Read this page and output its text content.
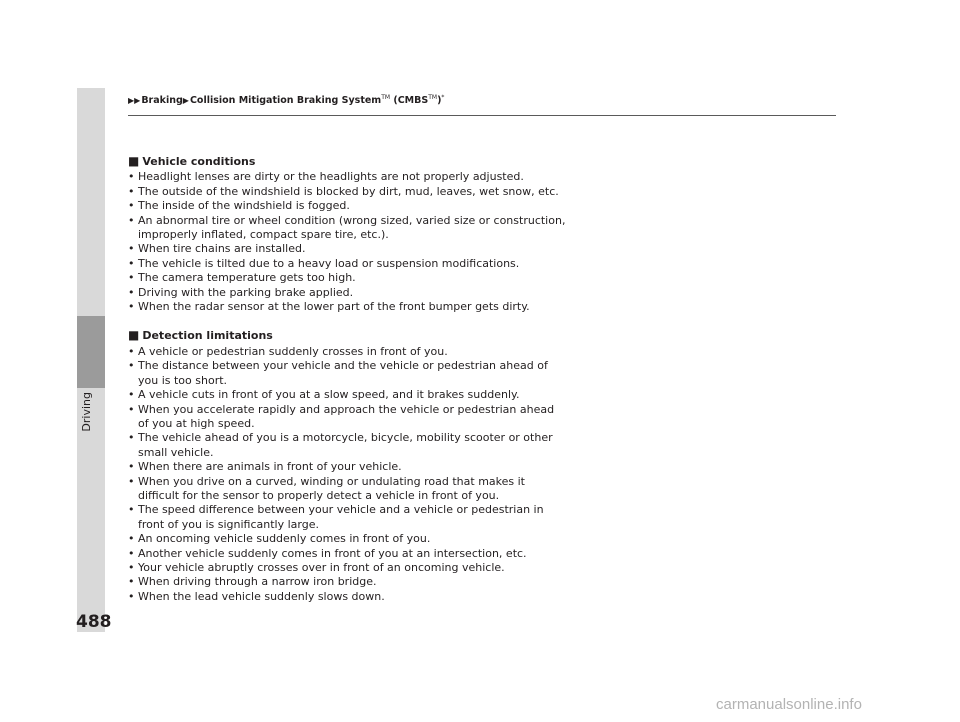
Driving
▶▶Braking▶Collision Mitigation Braking System™ (CMBS™)*
■ Vehicle conditions
• Headlight lenses are dirty or the headlights are not properly adjusted.
• The outside of the windshield is blocked by dirt, mud, leaves, wet snow, etc.
• The inside of the windshield is fogged.
• An abnormal tire or wheel condition (wrong sized, varied size or construction, improperly inflated, compact spare tire, etc.).
• When tire chains are installed.
• The vehicle is tilted due to a heavy load or suspension modifications.
• The camera temperature gets too high.
• Driving with the parking brake applied.
• When the radar sensor at the lower part of the front bumper gets dirty.
■ Detection limitations
• A vehicle or pedestrian suddenly crosses in front of you.
• The distance between your vehicle and the vehicle or pedestrian ahead of you is too short.
• A vehicle cuts in front of you at a slow speed, and it brakes suddenly.
• When you accelerate rapidly and approach the vehicle or pedestrian ahead of you at high speed.
• The vehicle ahead of you is a motorcycle, bicycle, mobility scooter or other small vehicle.
• When there are animals in front of your vehicle.
• When you drive on a curved, winding or undulating road that makes it difficult for the sensor to properly detect a vehicle in front of you.
• The speed difference between your vehicle and a vehicle or pedestrian in front of you is significantly large.
• An oncoming vehicle suddenly comes in front of you.
• Another vehicle suddenly comes in front of you at an intersection, etc.
• Your vehicle abruptly crosses over in front of an oncoming vehicle.
• When driving through a narrow iron bridge.
• When the lead vehicle suddenly slows down.
488
carmanualsonline.info
